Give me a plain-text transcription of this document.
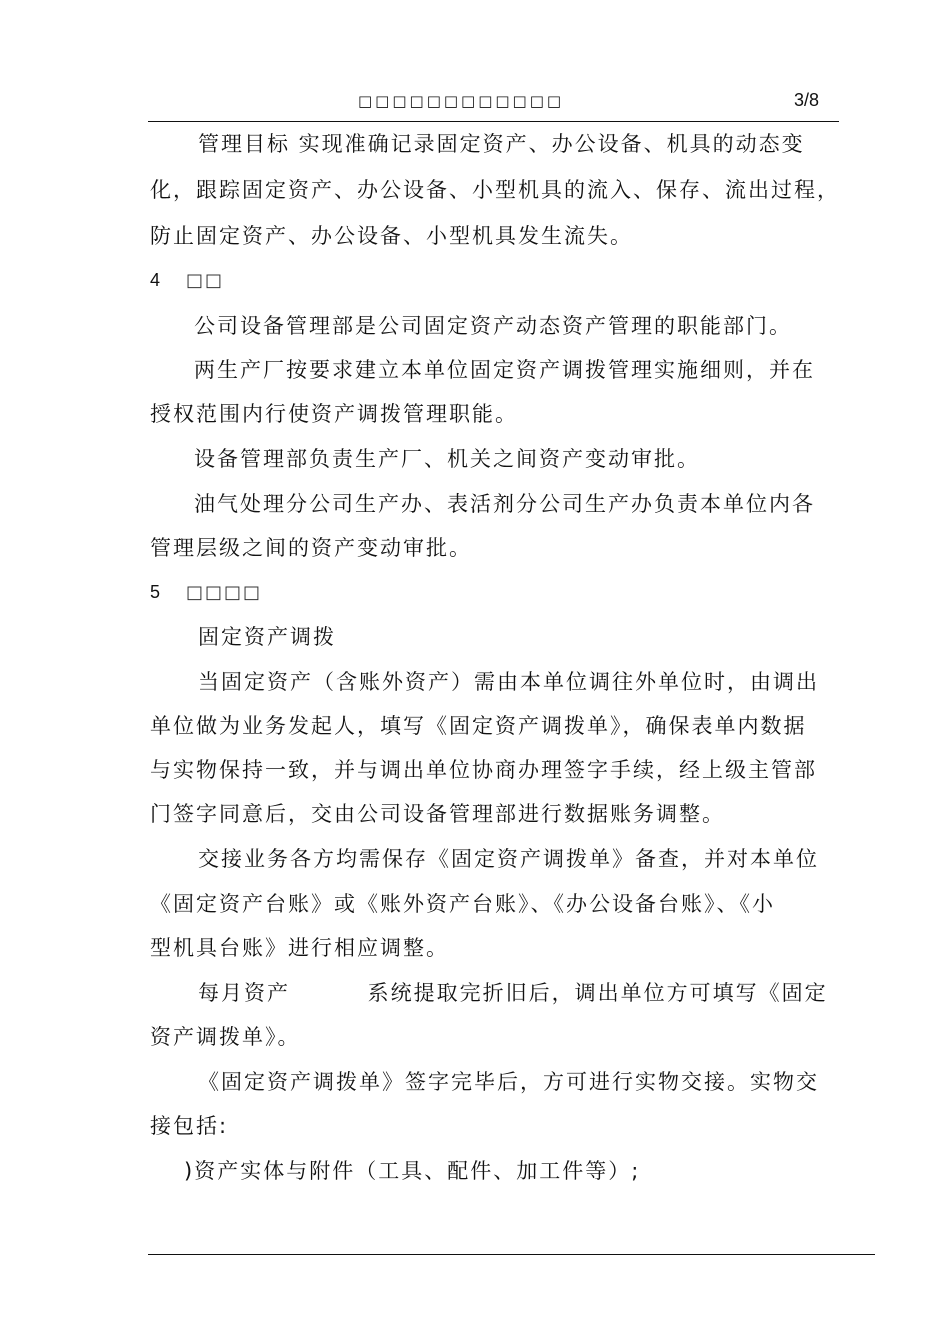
□□□□□□□□□□□□	3/8
管理目标 实现准确记录固定资产、办公设备、机具的动态变
化，跟踪固定资产、办公设备、小型机具的流入、保存、流出过程，
防止固定资产、办公设备、小型机具发生流失。
4 □□
公司设备管理部是公司固定资产动态资产管理的职能部门。
两生产厂按要求建立本单位固定资产调拨管理实施细则，并在
授权范围内行使资产调拨管理职能。
设备管理部负责生产厂、机关之间资产变动审批。
油气处理分公司生产办、表活剂分公司生产办负责本单位内各
管理层级之间的资产变动审批。
5 □□□□
固定资产调拨
当固定资产（含账外资产）需由本单位调往外单位时，由调出
单位做为业务发起人，填写《固定资产调拨单》，确保表单内数据
与实物保持一致，并与调出单位协商办理签字手续，经上级主管部
门签字同意后，交由公司设备管理部进行数据账务调整。
交接业务各方均需保存《固定资产调拨单》备查，并对本单位
《固定资产台账》或《账外资产台账》、《办公设备台账》、《小
型机具台账》进行相应调整。
每月资产 　　　系统提取完折旧后，调出单位方可填写《固定
资产调拨单》。
《固定资产调拨单》签字完毕后，方可进行实物交接。实物交
接包括:
)资产实体与附件（工具、配件、加工件等）;
